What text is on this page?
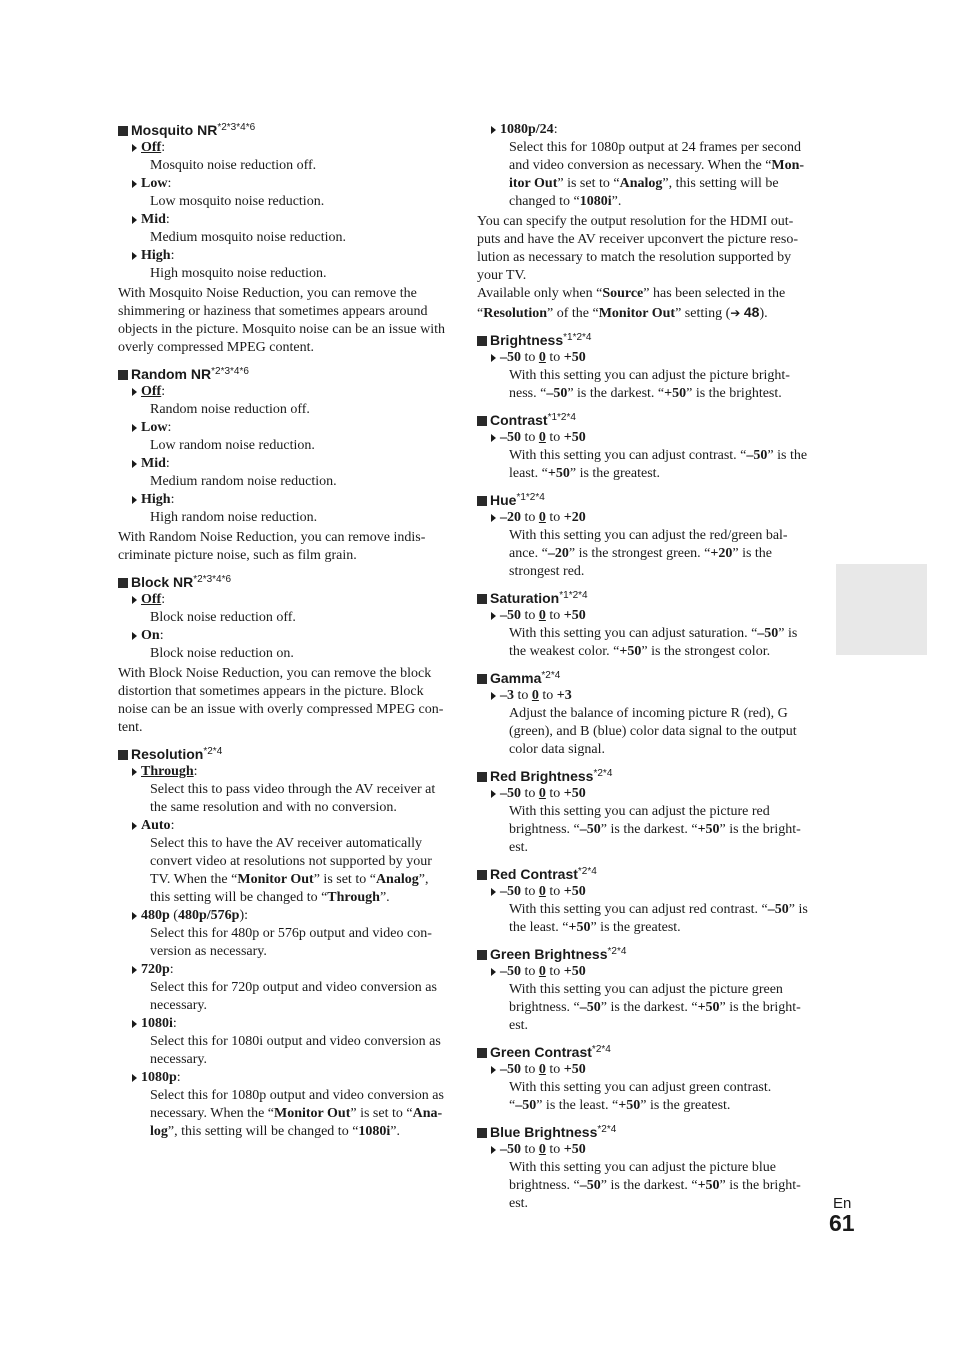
Mosquito $NR^{*2*3*4*6}$

Off:

Mosquito noise reduction off.

Low:

Low mosquito noise reduction.

Mid:

Medium mosquito noise reduction.

High:

High mosquito noise reduction.

With Mosquito Noise Reduction, you can remove the

shimmering or haziness that sometimes appears around

objects in the picture. Mosquito noise can be an issue with

overly compressed MPEG content.

Random $NR^{*2*3*4*6}$

Off:

Random noise reduction off.

Low:

Low random noise reduction.

Mid:

Medium random noise reduction.

High:

High random noise reduction.

With Random Noise Reduction, you can remove indis-

criminate picture noise, such as film grain.

Block $NR^{*2*3*4*6}$

Off:

Block noise reduction off.

On:

Block noise reduction on.

With Block Noise Reduction, you can remove the block

distortion that sometimes appears in the picture. Block

noise can be an issue with overly compressed MPEG con-

tent.

Resolution$^{*2*4}$

Through:

Select this to pass video through the AV receiver at

the same resolution and with no conversion.

Auto:

Select this to have the AV receiver automatically

convert video at resolutions not supported by your

TV. When the “Monitor Out” is set to “Analog”,

this setting will be changed to “Through”.

480p (480p/576p):

Select this for 480p or 576p output and video con-

version as necessary.

720p:

Select this for 720p output and video conversion as

necessary.

1080i:

Select this for 1080i output and video conversion as

necessary.

1080p:

Select this for 1080p output and video conversion as

necessary. When the “Monitor Out” is set to “Ana-

log”, this setting will be changed to “1080i”.

1080p/24:

Select this for 1080p output at 24 frames per second

and video conversion as necessary. When the “Mon-

itor Out” is set to “Analog”, this setting will be

changed to “1080i”.

You can specify the output resolution for the HDMI out-

puts and have the AV receiver upconvert the picture reso-

lution as necessary to match the resolution supported by

your TV.

Available only when “Source” has been selected in the

“Resolution” of the “Monitor Out” setting (➔ 48).

Brightness$^{*1*2*4}$

–50 to 0 to +50

With this setting you can adjust the picture bright-

ness. “–50” is the darkest. “+50” is the brightest.

Contrast$^{*1*2*4}$

–50 to 0 to +50

With this setting you can adjust contrast. “–50” is the

least. “+50” is the greatest.

Hue$^{*1*2*4}$

–20 to 0 to +20

With this setting you can adjust the red/green bal-

ance. “–20” is the strongest green. “+20” is the

strongest red.

Saturation$^{*1*2*4}$

–50 to 0 to +50

With this setting you can adjust saturation. “–50” is

the weakest color. “+50” is the strongest color.

Gamma$^{*2*4}$

–3 to 0 to +3

Adjust the balance of incoming picture R (red), G

(green), and B (blue) color data signal to the output

color data signal.

Red Brightness$^{*2*4}$

–50 to 0 to +50

With this setting you can adjust the picture red

brightness. “–50” is the darkest. “+50” is the bright-

est.

Red Contrast$^{*2*4}$

–50 to 0 to +50

With this setting you can adjust red contrast. “–50” is

the least. “+50” is the greatest.

Green Brightness$^{*2*4}$

–50 to 0 to +50

With this setting you can adjust the picture green

brightness. “–50” is the darkest. “+50” is the bright-

est.

Green Contrast$^{*2*4}$

–50 to 0 to +50

With this setting you can adjust green contrast.

“–50” is the least. “+50” is the greatest.

Blue Brightness$^{*2*4}$

–50 to 0 to +50

With this setting you can adjust the picture blue

brightness. “–50” is the darkest. “+50” is the bright-

est.	En
61
